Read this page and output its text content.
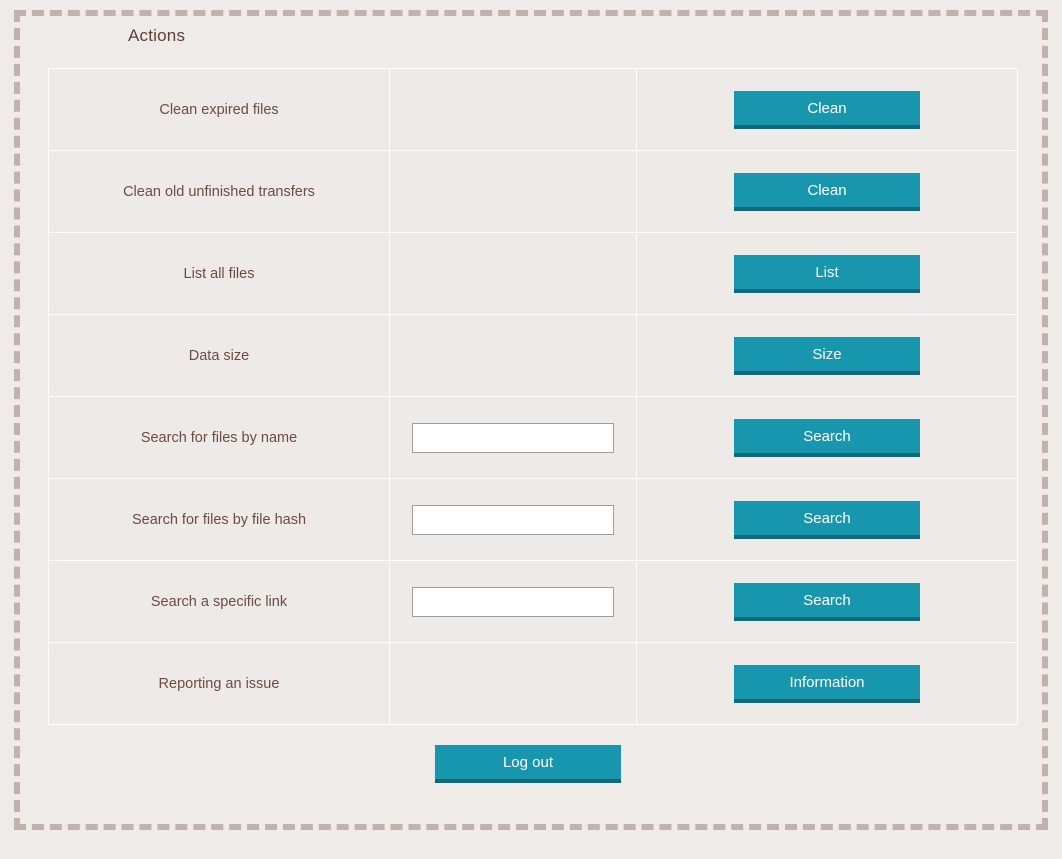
Actions
Clean expired files		Clean
Clean old unfinished transfers		Clean
List all files		List
Data size		Size
Search for files by name		Search
Search for files by file hash		Search
Search a specific link		Search
Reporting an issue		Information
Log out
